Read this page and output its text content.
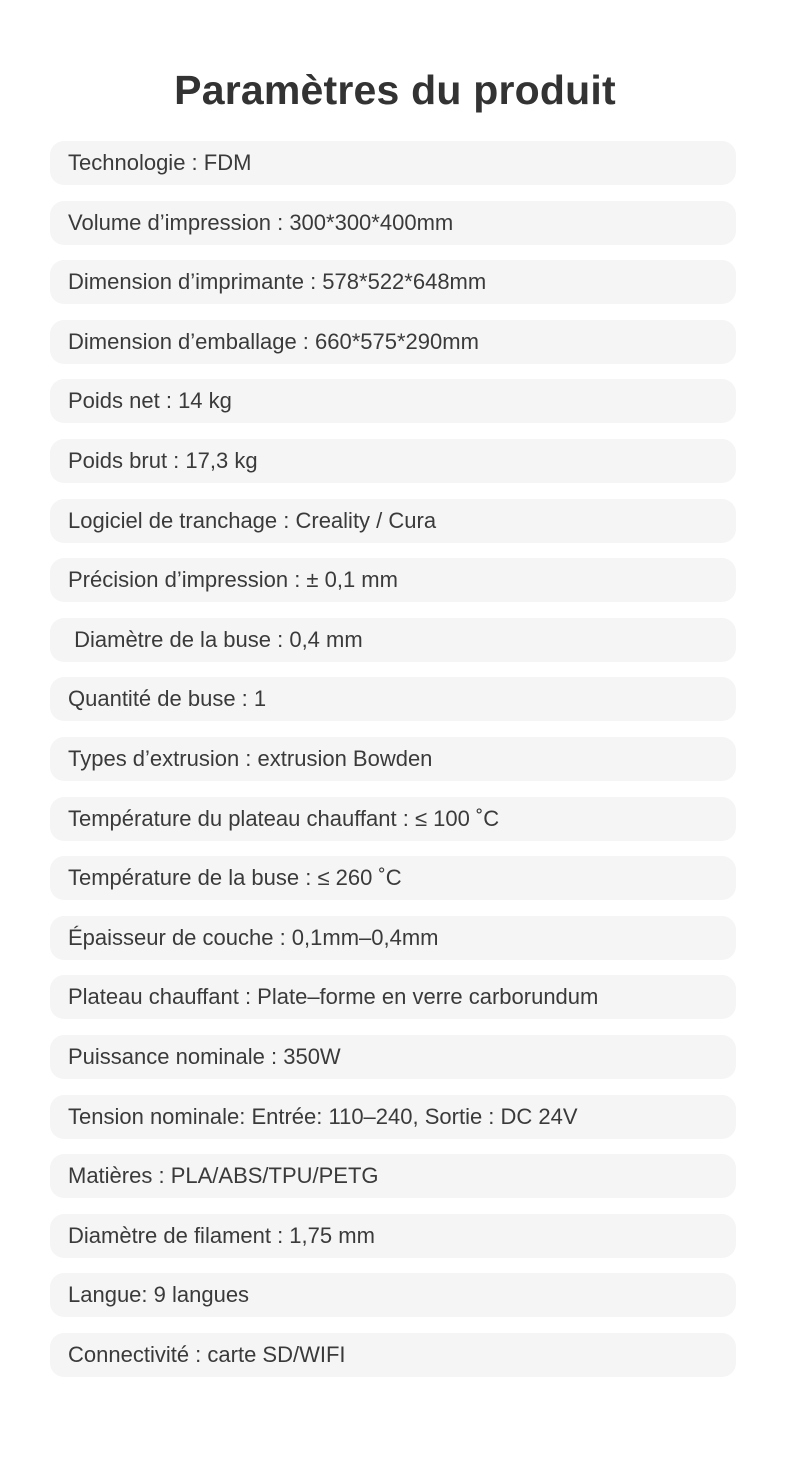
Paramètres du produit
Technologie : FDM
Volume d’impression : 300*300*400mm
Dimension d’imprimante : 578*522*648mm
Dimension d’emballage : 660*575*290mm
Poids net : 14 kg
Poids brut : 17,3 kg
Logiciel de tranchage : Creality / Cura
Précision d’impression : ± 0,1 mm
Diamètre de la buse : 0,4 mm
Quantité de buse : 1
Types d’extrusion : extrusion Bowden
Température du plateau chauffant : ≤ 100 ˚C
Température de la buse : ≤ 260 ˚C
Épaisseur de couche : 0,1mm–0,4mm
Plateau chauffant : Plate–forme en verre carborundum
Puissance nominale : 350W
Tension nominale: Entrée: 110–240, Sortie : DC 24V
Matières : PLA/ABS/TPU/PETG
Diamètre de filament : 1,75 mm
Langue: 9 langues
Connectivité : carte SD/WIFI
